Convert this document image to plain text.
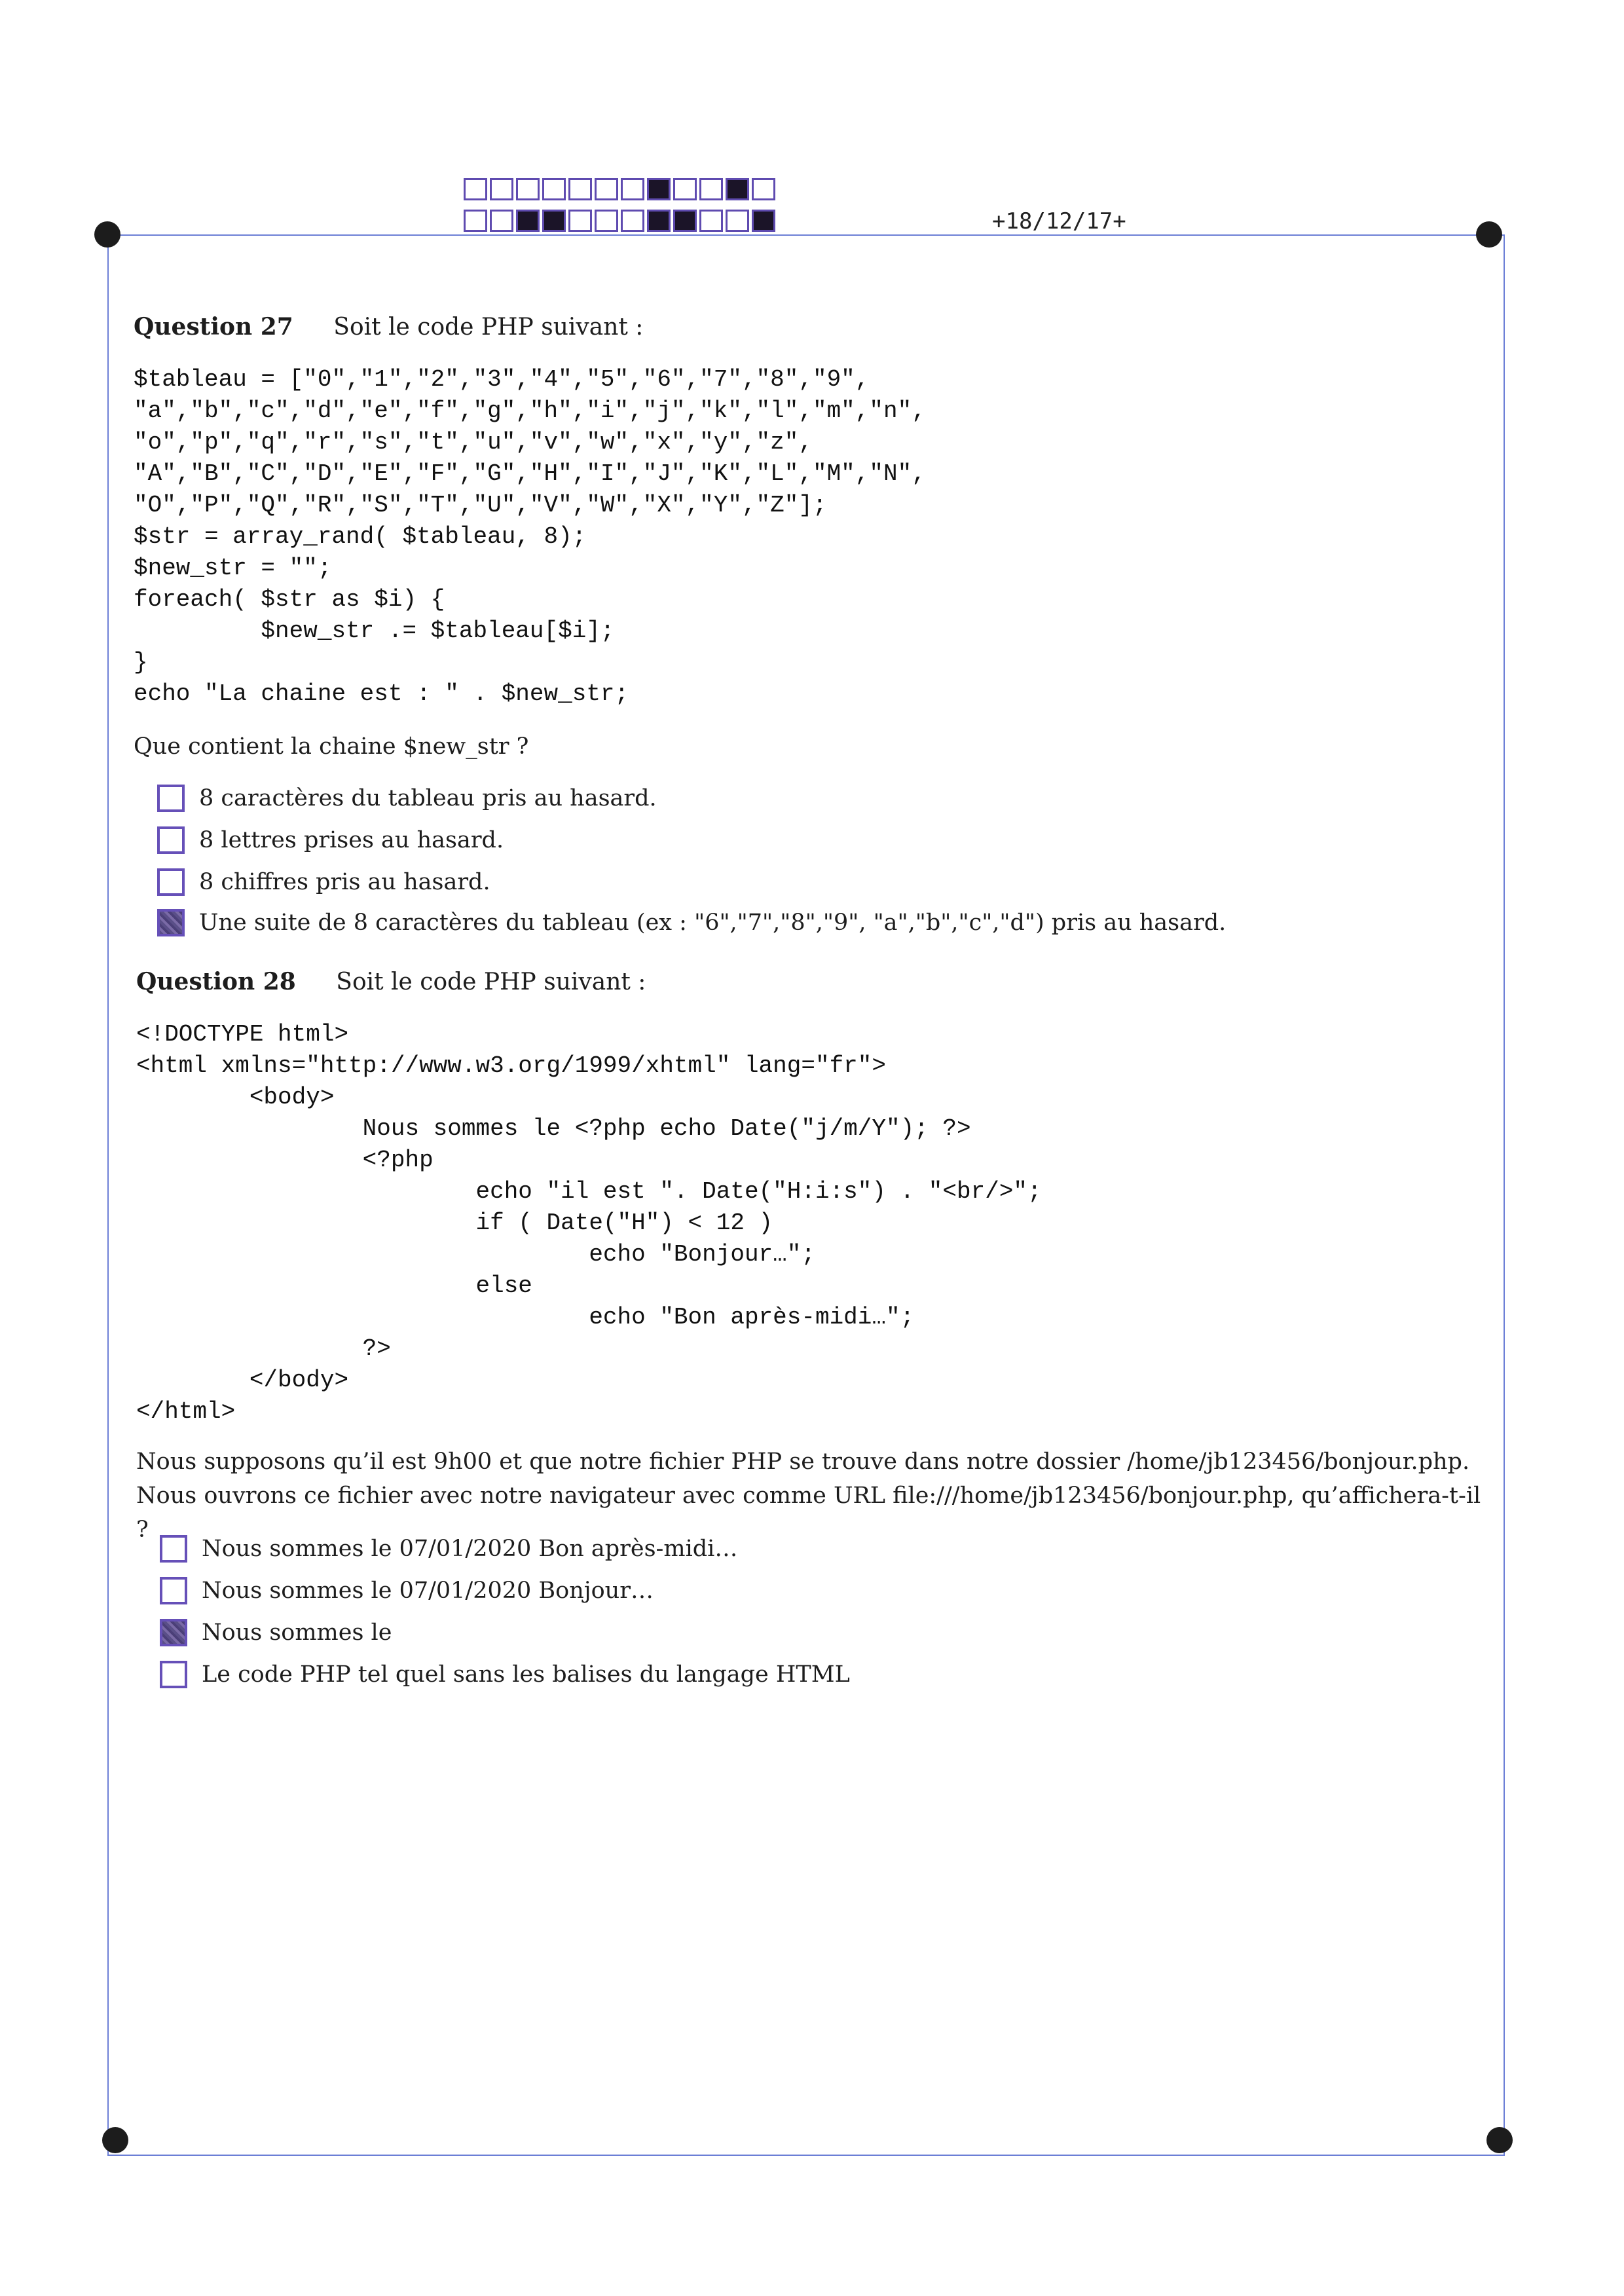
+18/12/17+
Question 27 Soit le code PHP suivant :
$tableau = ["0","1","2","3","4","5","6","7","8","9",
"a","b","c","d","e","f","g","h","i","j","k","l","m","n",
"o","p","q","r","s","t","u","v","w","x","y","z",
"A","B","C","D","E","F","G","H","I","J","K","L","M","N",
"O","P","Q","R","S","T","U","V","W","X","Y","Z"];
$str = array_rand( $tableau, 8);
$new_str = "";
foreach( $str as $i) {
$new_str .= $tableau[$i];
}
echo "La chaine est : " . $new_str;
Que contient la chaine $new_str ?
8 caractères du tableau pris au hasard.
8 lettres prises au hasard.
8 chiffres pris au hasard.
Une suite de 8 caractères du tableau (ex : "6","7","8","9", "a","b","c","d") pris au hasard.
Question 28 Soit le code PHP suivant :
<!DOCTYPE html>
<html xmlns="http://www.w3.org/1999/xhtml" lang="fr">
<body>
Nous sommes le <?php echo Date("j/m/Y"); ?>
<?php
echo "il est ". Date("H:i:s") . "<br/>";
if ( Date("H") < 12 )
echo "Bonjour…";
else
echo "Bon après-midi…";
?>
</body>
</html>
Nous supposons qu’il est 9h00 et que notre fichier PHP se trouve dans notre dossier /home/jb123456/bonjour.php. Nous ouvrons ce fichier avec notre navigateur avec comme URL file:///home/jb123456/bonjour.php, qu’affichera-t-il ?
Nous sommes le 07/01/2020 Bon après-midi…
Nous sommes le 07/01/2020 Bonjour…
Nous sommes le
Le code PHP tel quel sans les balises du langage HTML
